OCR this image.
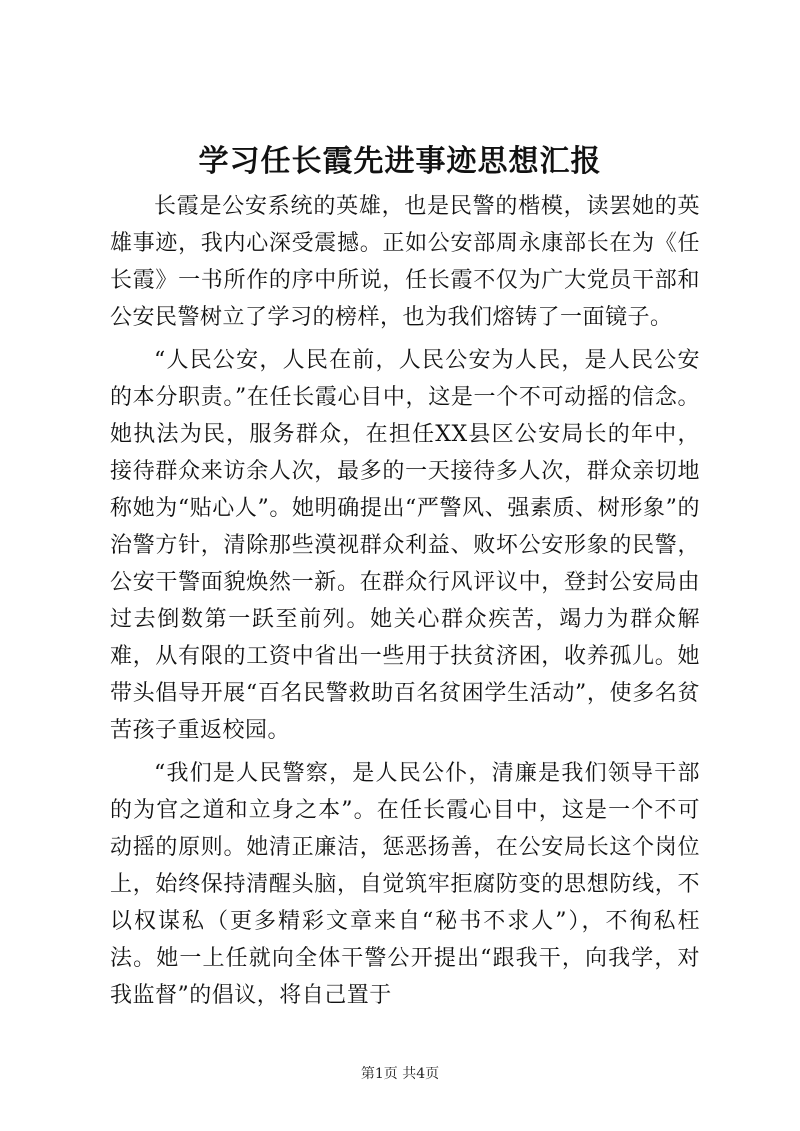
学习任长霞先进事迹思想汇报

长霞是公安系统的英雄，也是民警的楷模，读罢她的英雄事迹，我内心深受震撼。正如公安部周永康部长在为《任长霞》一书所作的序中所说，任长霞不仅为广大党员干部和公安民警树立了学习的榜样，也为我们熔铸了一面镜子。

“人民公安，人民在前，人民公安为人民，是人民公安的本分职责。”在任长霞心目中，这是一个不可动摇的信念。她执法为民，服务群众，在担任XX县区公安局长的年中，接待群众来访余人次，最多的一天接待多人次，群众亲切地称她为“贴心人”。她明确提出“严警风、强素质、树形象”的治警方针，清除那些漠视群众利益、败坏公安形象的民警，公安干警面貌焕然一新。在群众行风评议中，登封公安局由过去倒数第一跃至前列。她关心群众疾苦，竭力为群众解难，从有限的工资中省出一些用于扶贫济困，收养孤儿。她带头倡导开展“百名民警救助百名贫困学生活动”，使多名贫苦孩子重返校园。

“我们是人民警察，是人民公仆，清廉是我们领导干部的为官之道和立身之本”。在任长霞心目中，这是一个不可动摇的原则。她清正廉洁，惩恶扬善，在公安局长这个岗位上，始终保持清醒头脑，自觉筑牢拒腐防变的思想防线，不以权谋私（更多精彩文章来自“秘书不求人”），不徇私枉法。她一上任就向全体干警公开提出“跟我干，向我学，对我监督”的倡议，将自己置于

第1页 共4页
